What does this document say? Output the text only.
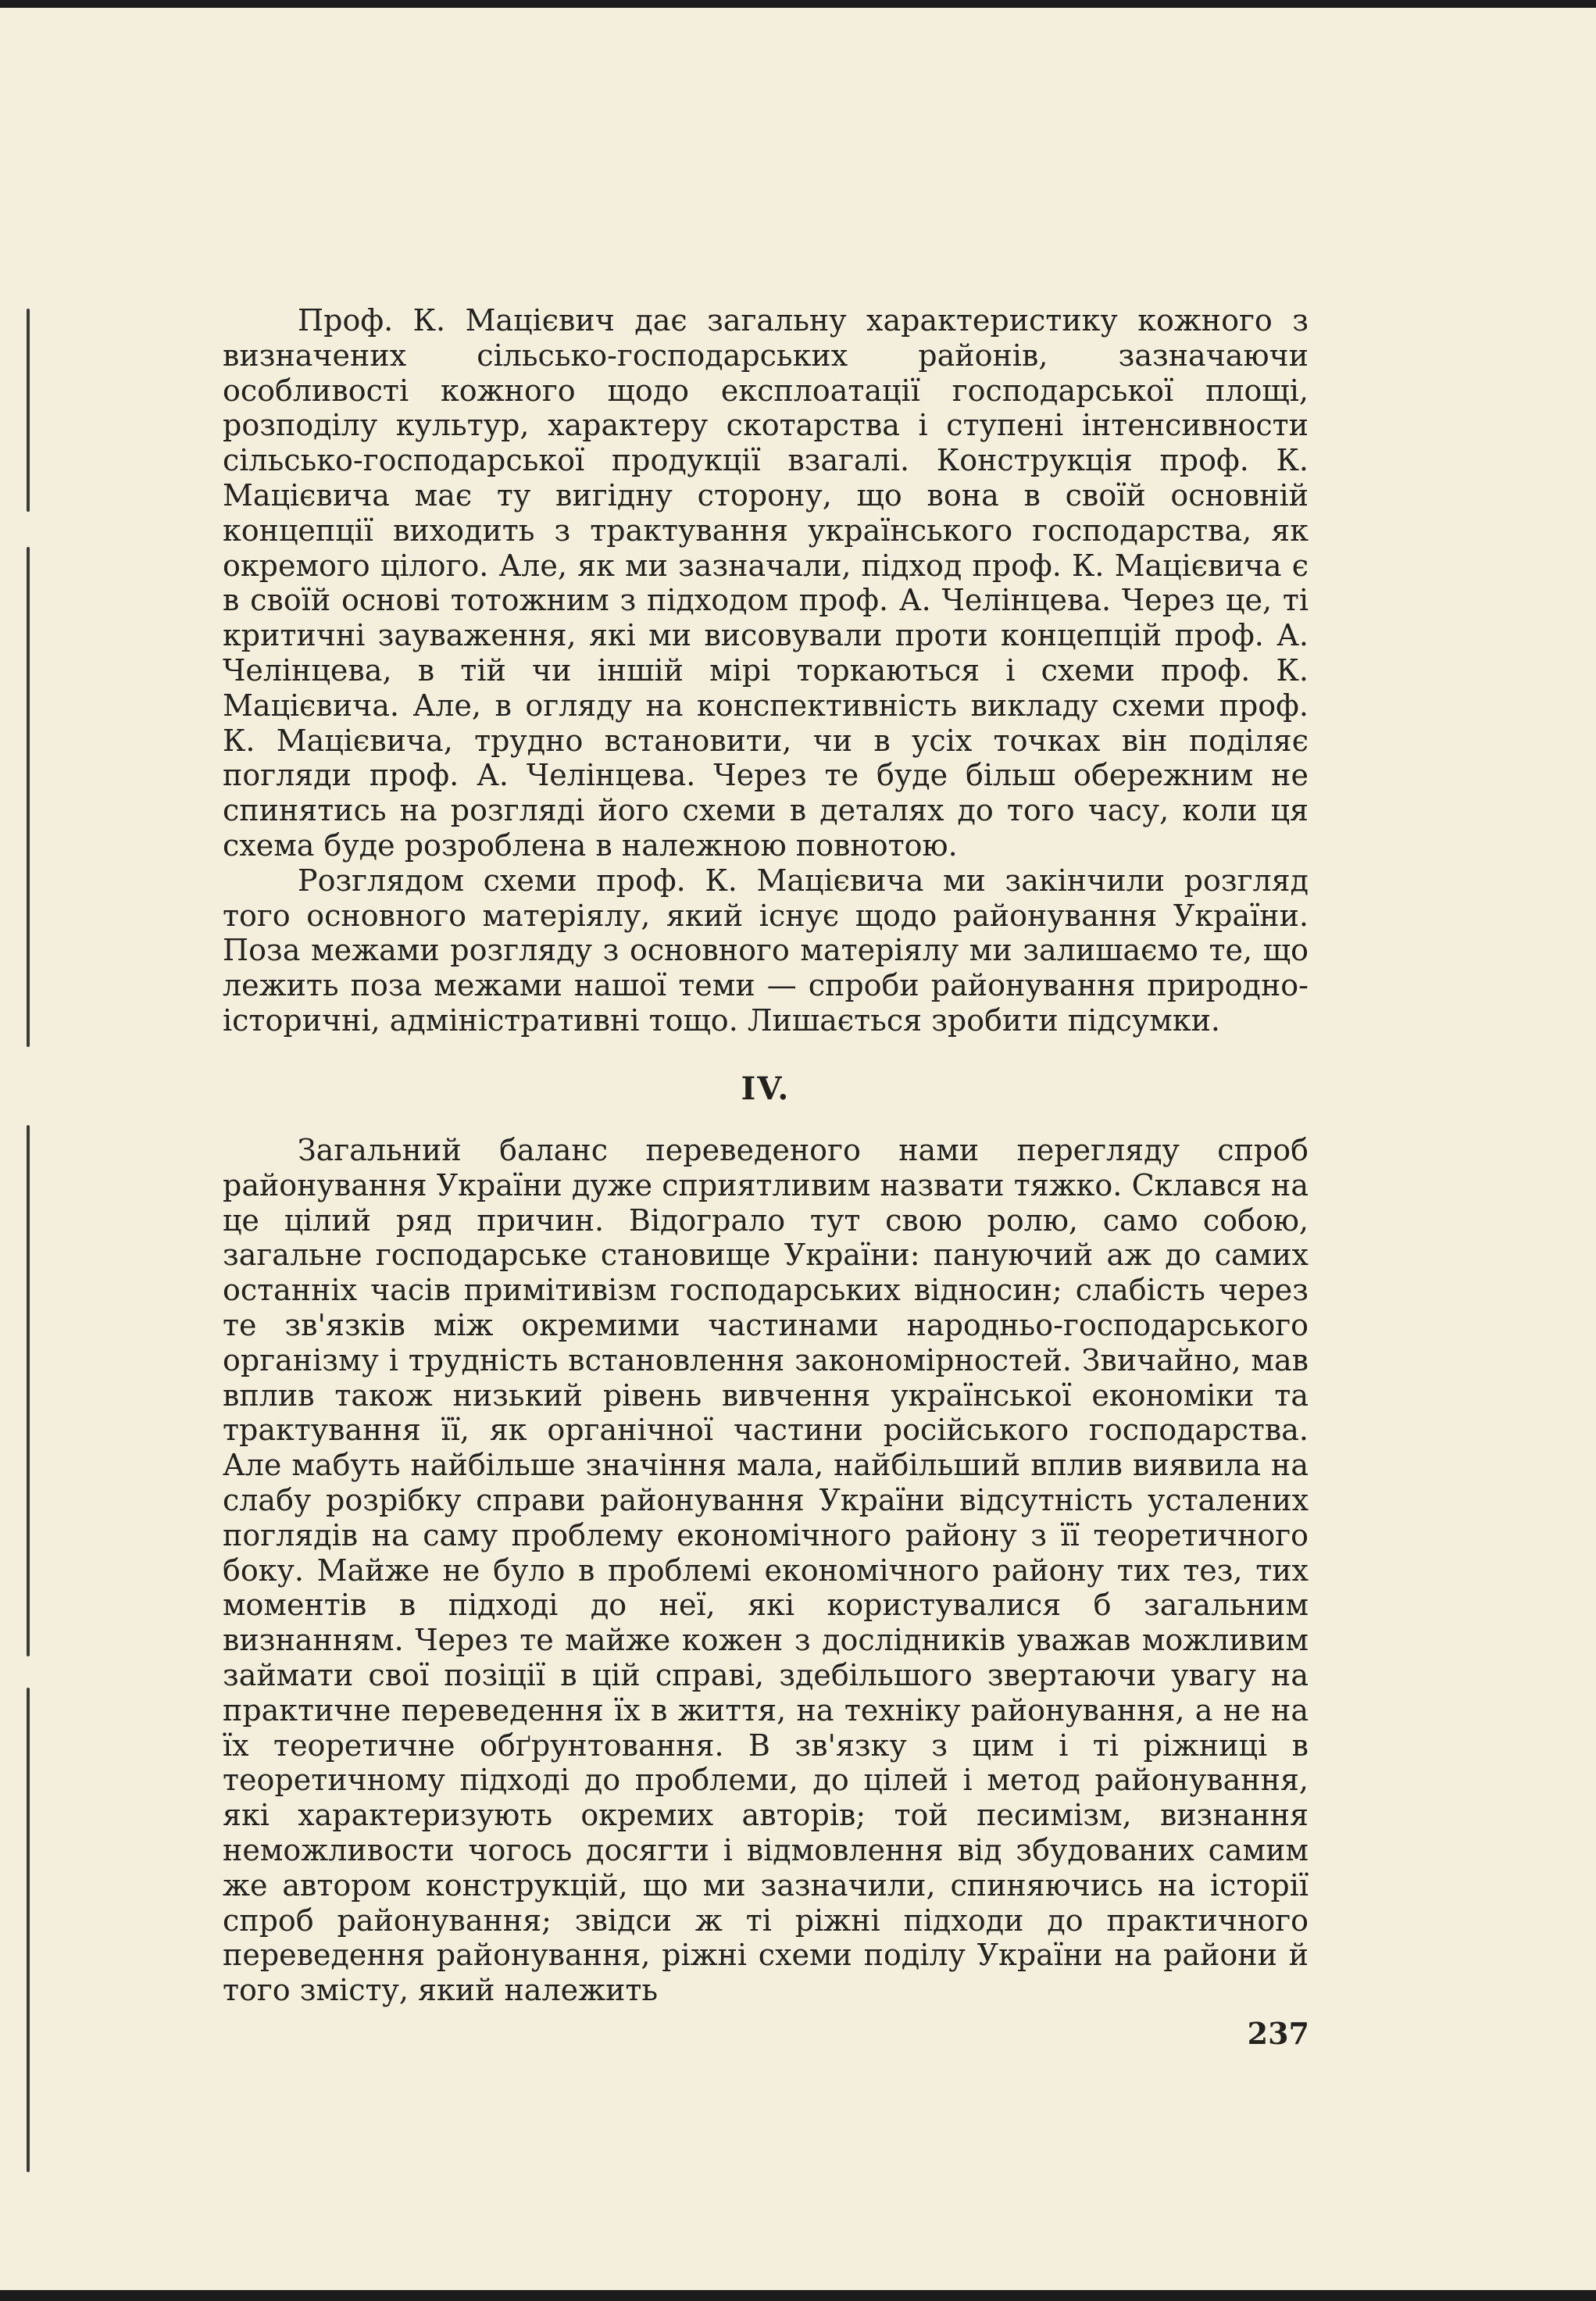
Проф. К. Мацієвич дає загальну характеристику кожного з визначених сільсько-господарських районів, зазначаючи особливості кожного щодо експлоатації господарської площі, розподілу культур, характеру скотарства і ступені інтенсивности сільсько-господарської продукції взагалі. Конструкція проф. К. Мацієвича має ту вигідну сторону, що вона в своїй основній концепції виходить з трактування українського господарства, як окремого цілого. Але, як ми зазначали, підход проф. К. Мацієвича є в своїй основі тотожним з підходом проф. А. Челінцева. Через це, ті критичні зауваження, які ми висовували проти концепцій проф. А. Челінцева, в тій чи іншій мірі торкаються і схеми проф. К. Мацієвича. Але, в огляду на конспективність викладу схеми проф. К. Мацієвича, трудно встановити, чи в усіх точках він поділяє погляди проф. А. Челінцева. Через те буде більш обережним не спинятись на розгляді його схеми в деталях до того часу, коли ця схема буде розроблена в належною повнотою.

Розглядом схеми проф. К. Мацієвича ми закінчили розгляд того основного матеріялу, який існує щодо районування України. Поза межами розгляду з основного матеріялу ми залишаємо те, що лежить поза межами нашої теми — спроби районування природно-історичні, адміністративні тощо. Лишається зробити підсумки.

IV.

Загальний баланс переведеного нами перегляду спроб районування України дуже сприятливим назвати тяжко. Склався на це цілий ряд причин. Відограло тут свою ролю, само собою, загальне господарське становище України: пануючий аж до самих останніх часів примітивізм господарських відносин; слабість через те зв'язків між окремими частинами народньо-господарського організму і трудність встановлення закономірностей. Звичайно, мав вплив також низький рівень вивчення української економіки та трактування її, як органічної частини російського господарства. Але мабуть найбільше значіння мала, найбільший вплив виявила на слабу розрібку справи районування України відсутність усталених поглядів на саму проблему економічного району з її теоретичного боку. Майже не було в проблемі економічного району тих тез, тих моментів в підході до неї, які користувалися б загальним визнанням. Через те майже кожен з дослідників уважав можливим займати свої позіції в цій справі, здебільшого звертаючи увагу на практичне переведення їх в життя, на техніку районування, а не на їх теоретичне обґрунтовання. В зв'язку з цим і ті ріжниці в теоретичному підході до проблеми, до цілей і метод районування, які характеризують окремих авторів; той песимізм, визнання неможливости чогось досягти і відмовлення від збудованих самим же автором конструкцій, що ми зазначили, спиняючись на історії спроб районування; звідси ж ті ріжні підходи до практичного переведення районування, ріжні схеми поділу України на райони й того змісту, який належить

237
